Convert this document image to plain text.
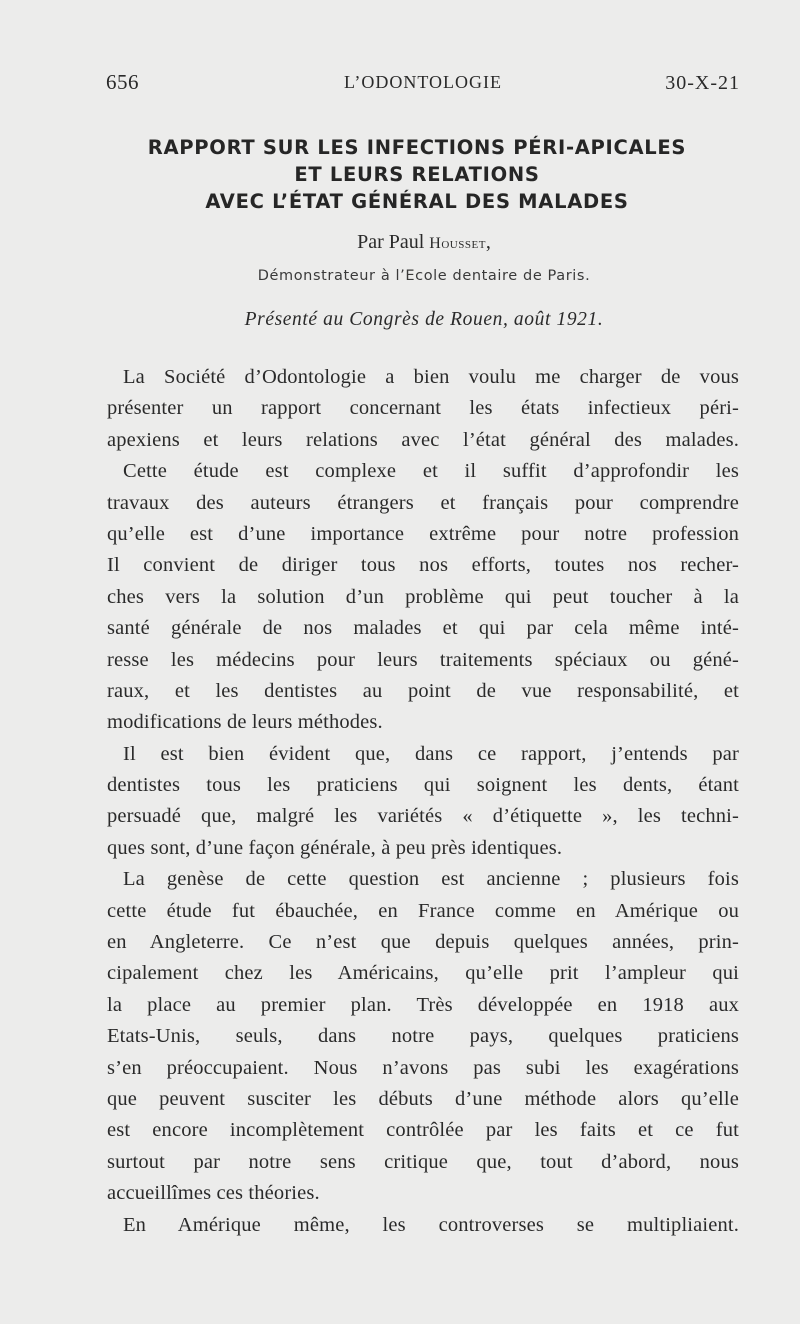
656	L’ODONTOLOGIE	30-X-21
RAPPORT SUR LES INFECTIONS PÉRI-APICALES
ET LEURS RELATIONS
AVEC L’ÉTAT GÉNÉRAL DES MALADES
Par Paul Housset,
Démonstrateur à l’Ecole dentaire de Paris.
Présenté au Congrès de Rouen, août 1921.
La Société d’Odontologie a bien voulu me charger de vous
présenter un rapport concernant les états infectieux péri-
apexiens et leurs relations avec l’état général des malades.
Cette étude est complexe et il suffit d’approfondir les
travaux des auteurs étrangers et français pour comprendre
qu’elle est d’une importance extrême pour notre profession
Il convient de diriger tous nos efforts, toutes nos recher-
ches vers la solution d’un problème qui peut toucher à la
santé générale de nos malades et qui par cela même inté-
resse les médecins pour leurs traitements spéciaux ou géné-
raux, et les dentistes au point de vue responsabilité, et
modifications de leurs méthodes.
Il est bien évident que, dans ce rapport, j’entends par
dentistes tous les praticiens qui soignent les dents, étant
persuadé que, malgré les variétés « d’étiquette », les techni-
ques sont, d’une façon générale, à peu près identiques.
La genèse de cette question est ancienne ; plusieurs fois
cette étude fut ébauchée, en France comme en Amérique ou
en Angleterre. Ce n’est que depuis quelques années, prin-
cipalement chez les Américains, qu’elle prit l’ampleur qui
la place au premier plan. Très développée en 1918 aux
Etats-Unis, seuls, dans notre pays, quelques praticiens
s’en préoccupaient. Nous n’avons pas subi les exagérations
que peuvent susciter les débuts d’une méthode alors qu’elle
est encore incomplètement contrôlée par les faits et ce fut
surtout par notre sens critique que, tout d’abord, nous
accueillîmes ces théories.
En Amérique même, les controverses se multipliaient.
